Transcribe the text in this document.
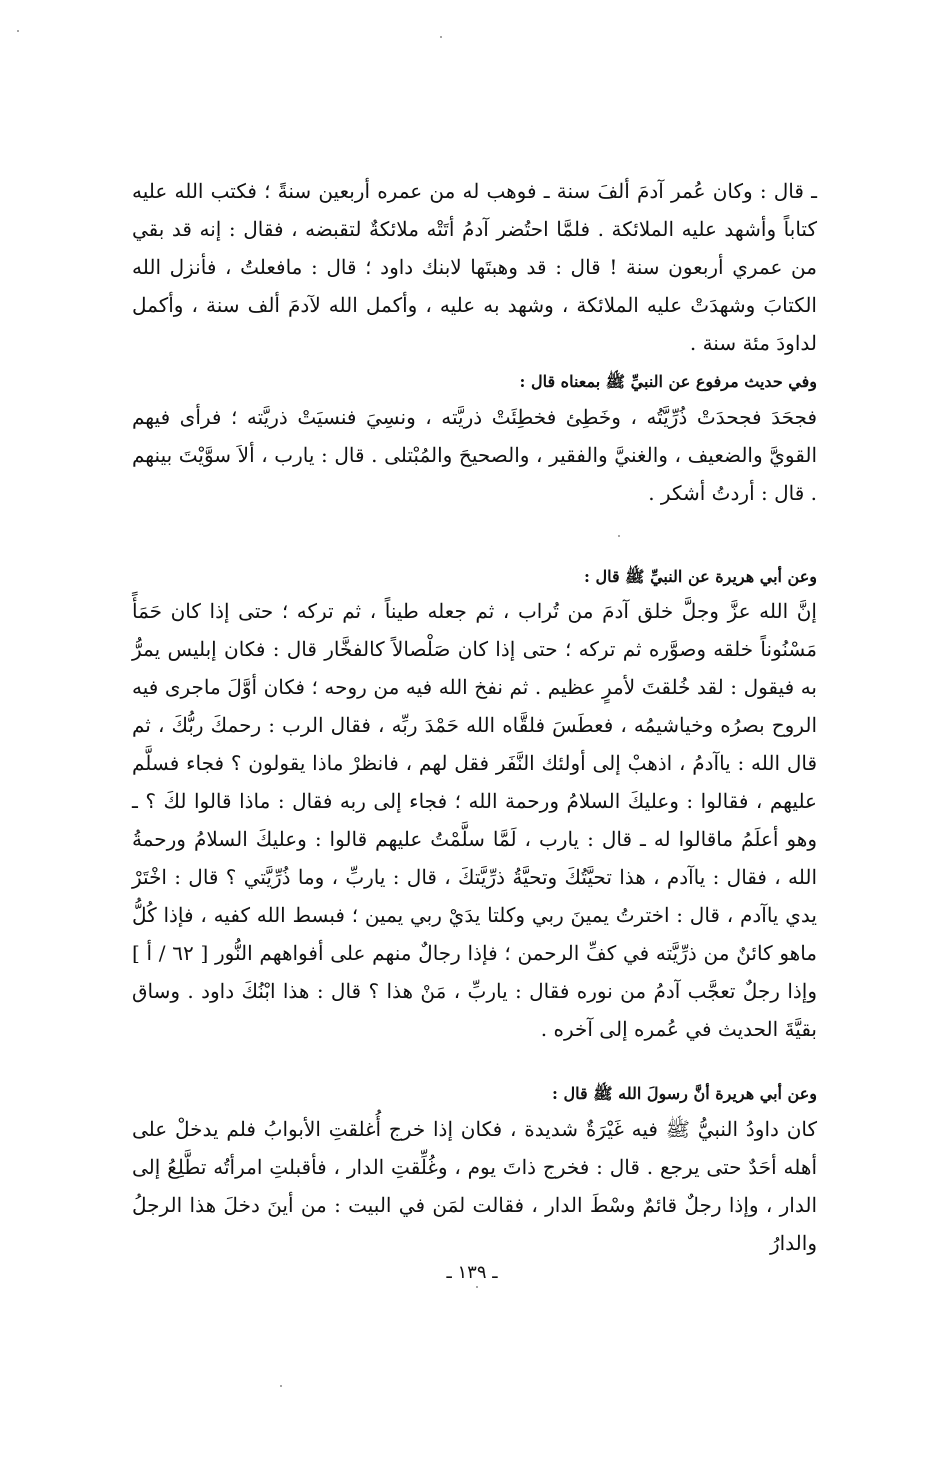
ـ قال : وكان عُمر آدمَ ألفَ سنة ـ فوهب له من عمره أربعين سنةً ؛ فكتب الله عليه كتاباً وأشهد عليه الملائكة . فلمَّا احتُضر آدمُ أتَتْه ملائكةٌ لتقبضه ، فقال : إنه قد بقي من عمري أربعون سنة ! قال : قد وهبتَها لابنك داود ؛ قال : مافعلتُ ، فأنزل الله الكتابَ وشهدَتْ عليه الملائكة ، وشهد به عليه ، وأكمل الله لآدمَ ألف سنة ، وأكمل لداودَ مئة سنة .

وفي حديث مرفوع عن النبيِّ ﷺ بمعناه قال :

فجحَدَ فجحدَتْ ذُرِّيَّتُه ، وخَطِئ فخطِئَتْ ذريَّته ، ونسِيَ فنسيَتْ ذريَّته ؛ فرأى فيهم القويَّ والضعيف ، والغنيَّ والفقير ، والصحيحَ والمُبْتلى . قال : يارب ، ألاَ سوَّيْتَ بينهم . قال : أردتُ أشكر .

وعن أبي هريرة عن النبيِّ ﷺ قال :

إنَّ الله عزَّ وجلَّ خلق آدمَ من تُراب ، ثم جعله طيناً ، ثم تركه ؛ حتى إذا كان حَمَأً مَسْنُوناً خلقه وصوَّره ثم تركه ؛ حتى إذا كان صَلْصالاً كالفخَّار قال : فكان إبليس يمرُّ به فيقول : لقد خُلقتَ لأمرٍ عظيم . ثم نفخ الله فيه من روحه ؛ فكان أوَّلَ ماجرى فيه الروح بصرُه وخياشيمُه ، فعطَسَ فلقَّاه الله حَمْدَ ربِّه ، فقال الرب : رحمكَ ربُّكَ ، ثم قال الله : ياآدمُ ، اذهبْ إلى أولئك النَّفَر فقل لهم ، فانظرْ ماذا يقولون ؟ فجاء فسلَّم عليهم ، فقالوا : وعليكَ السلامُ ورحمة الله ؛ فجاء إلى ربه فقال : ماذا قالوا لكَ ؟ ـ وهو أعلَمُ ماقالوا له ـ قال : يارب ، لَمَّا سلَّمْتُ عليهم قالوا : وعليكَ السلامُ ورحمةُ الله ، فقال : ياآدم ، هذا تحيَّتُكَ وتحيَّةُ ذرِّيَّتكَ ، قال : ياربِّ ، وما ذُرِّيَّتي ؟ قال : اخْتَرْ يدي ياآدم ، قال : اخترتُ يمينَ ربي وكلتا يدَيْ ربي يمين ؛ فبسط الله كفيه ، فإذا كُلُّ ماهو كائنٌ من ذرِّيَّته في كفِّ الرحمن ؛ فإذا رجالٌ منهم على أفواههم النُّور [ ٦٢ / أ ] وإذا رجلٌ تعجَّب آدمُ من نوره فقال : ياربِّ ، مَنْ هذا ؟ قال : هذا ابْنُكَ داود . وساق بقيَّةَ الحديث في عُمره إلى آخره .

وعن أبي هريرة أنَّ رسولَ الله ﷺ قال :

كان داودُ النبيُّ ﷺ فيه غَيْرَةٌ شديدة ، فكان إذا خرج أُغلقتِ الأبوابُ فلم يدخلْ على أهله أحَدٌ حتى يرجع . قال : فخرج ذاتَ يوم ، وغُلِّقتِ الدار ، فأقبلتِ امرأتُه تطَّلِعُ إلى الدار ، وإذا رجلٌ قائمٌ وسْطَ الدار ، فقالت لمَن في البيت : من أينَ دخلَ هذا الرجلُ والدارُ

ـ ١٣٩ ـ
